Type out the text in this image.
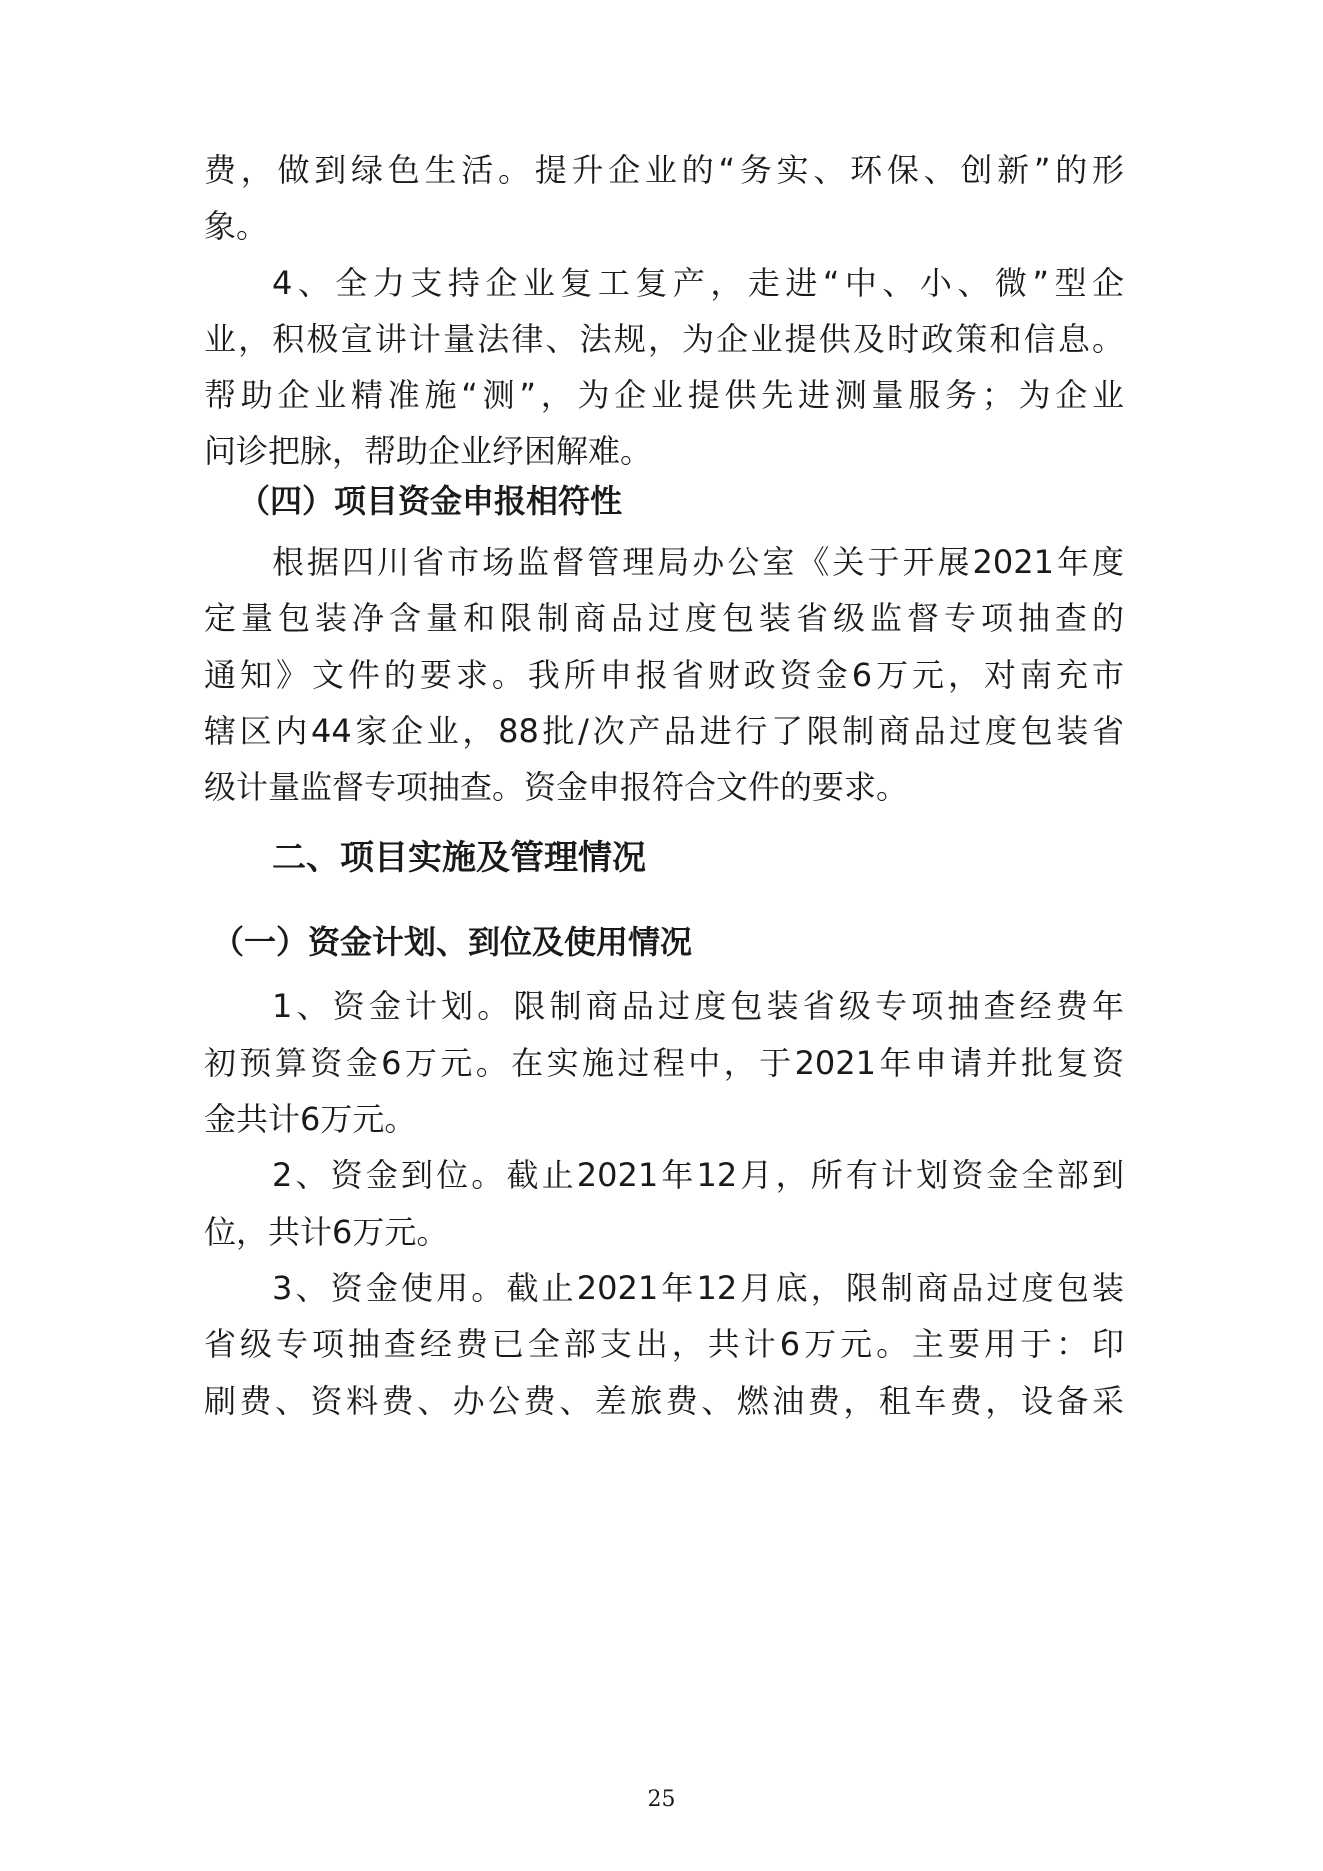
费，做到绿色生活。提升企业的“务实、环保、创新”的形
象。
4、全力支持企业复工复产，走进“中、小、微”型企
业，积极宣讲计量法律、法规，为企业提供及时政策和信息。
帮助企业精准施“测”，为企业提供先进测量服务；为企业
问诊把脉，帮助企业纾困解难。
（四）项目资金申报相符性
根据四川省市场监督管理局办公室《关于开展2021年度
定量包装净含量和限制商品过度包装省级监督专项抽查的
通知》文件的要求。我所申报省财政资金6万元，对南充市
辖区内44家企业，88批/次产品进行了限制商品过度包装省
级计量监督专项抽查。资金申报符合文件的要求。
二、项目实施及管理情况
（一）资金计划、到位及使用情况
1、资金计划。限制商品过度包装省级专项抽查经费年
初预算资金6万元。在实施过程中，于2021年申请并批复资
金共计6万元。
2、资金到位。截止2021年12月，所有计划资金全部到
位，共计6万元。
3、资金使用。截止2021年12月底，限制商品过度包装
省级专项抽查经费已全部支出，共计6万元。主要用于：印
刷费、资料费、办公费、差旅费、燃油费，租车费，设备采
25
